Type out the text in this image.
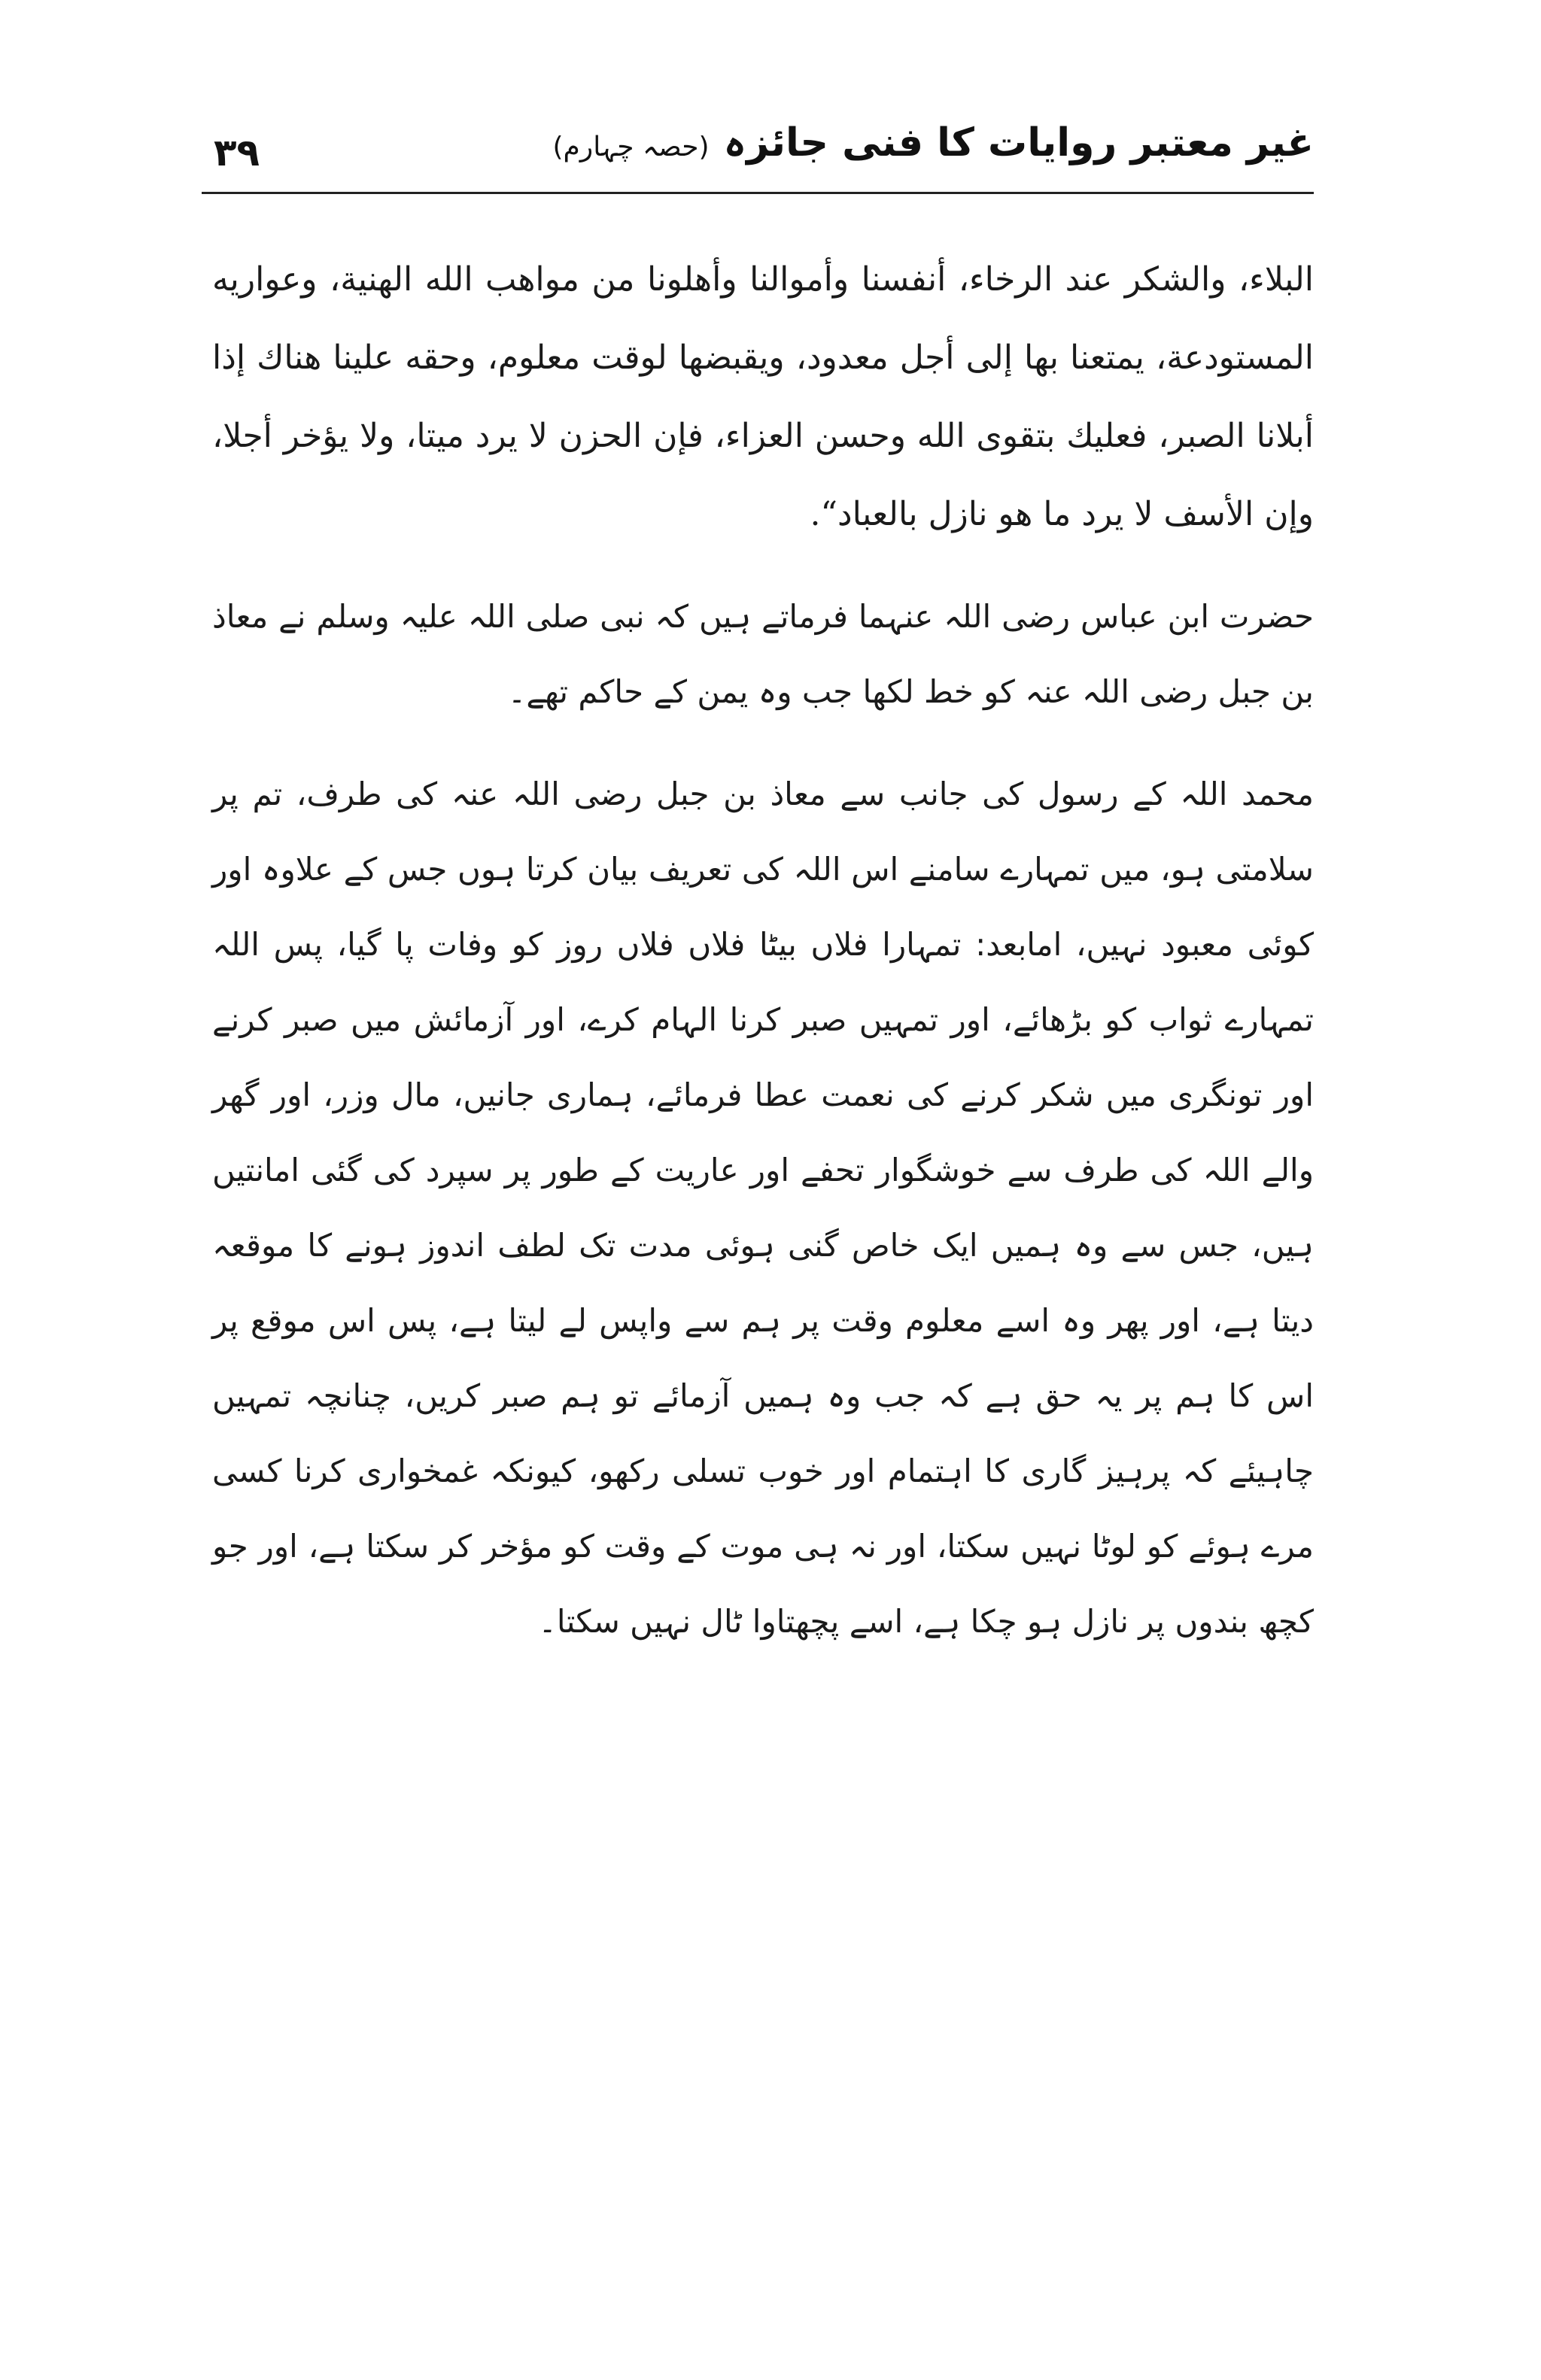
۳۹	غیر معتبر روایات کا فنی جائزہ (حصہ چہارم)

البلاء، والشكر عند الرخاء، أنفسنا وأموالنا وأهلونا من مواهب الله الهنية، وعواريه المستودعة، يمتعنا بها إلى أجل معدود، ويقبضها لوقت معلوم، وحقه علينا هناك إذا أبلانا الصبر، فعليك بتقوى الله وحسن العزاء، فإن الحزن لا يرد ميتا، ولا يؤخر أجلا، وإن الأسف لا يرد ما هو نازل بالعباد“.

حضرت ابن عباس رضی اللہ عنہما فرماتے ہیں کہ نبی صلی اللہ علیہ وسلم نے معاذ بن جبل رضی اللہ عنہ کو خط لکھا جب وہ یمن کے حاکم تھے۔

محمد اللہ کے رسول کی جانب سے معاذ بن جبل رضی اللہ عنہ کی طرف، تم پر سلامتی ہو، میں تمہارے سامنے اس اللہ کی تعریف بیان کرتا ہوں جس کے علاوہ اور کوئی معبود نہیں، امابعد: تمہارا فلاں بیٹا فلاں فلاں روز کو وفات پا گیا، پس اللہ تمہارے ثواب کو بڑھائے، اور تمہیں صبر کرنا الہام کرے، اور آزمائش میں صبر کرنے اور تونگری میں شکر کرنے کی نعمت عطا فرمائے، ہماری جانیں، مال وزر، اور گھر والے اللہ کی طرف سے خوشگوار تحفے اور عاریت کے طور پر سپرد کی گئی امانتیں ہیں، جس سے وہ ہمیں ایک خاص گنی ہوئی مدت تک لطف اندوز ہونے کا موقعہ دیتا ہے، اور پھر وہ اسے معلوم وقت پر ہم سے واپس لے لیتا ہے، پس اس موقع پر اس کا ہم پر یہ حق ہے کہ جب وہ ہمیں آزمائے تو ہم صبر کریں، چنانچہ تمہیں چاہیئے کہ پرہیز گاری کا اہتمام اور خوب تسلی رکھو، کیونکہ غمخواری کرنا کسی مرے ہوئے کو لوٹا نہیں سکتا، اور نہ ہی موت کے وقت کو مؤخر کر سکتا ہے، اور جو کچھ بندوں پر نازل ہو چکا ہے، اسے پچھتاوا ٹال نہیں سکتا۔
